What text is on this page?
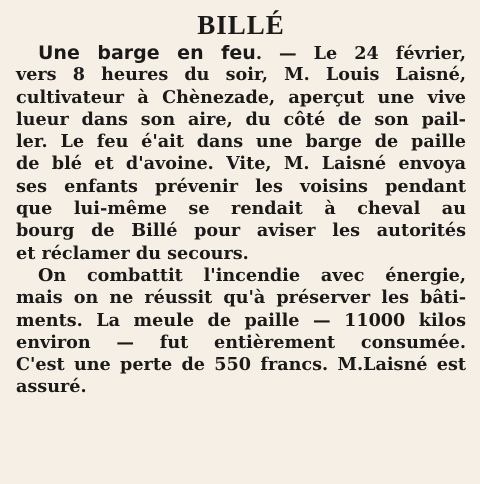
BILLÉ
Une barge en feu. — Le 24 février,
vers 8 heures du soir, M. Louis Laisné,
cultivateur à Chènezade, aperçut une vive
lueur dans son aire, du côté de son pail-
ler. Le feu é'ait dans une barge de paille
de blé et d'avoine. Vite, M. Laisné envoya
ses enfants prévenir les voisins pendant
que lui-même se rendait à cheval au
bourg de Billé pour aviser les autorités
et réclamer du secours.
On combattit l'incendie avec énergie,
mais on ne réussit qu'à préserver les bâti-
ments. La meule de paille — 11000 kilos
environ — fut entièrement consumée.
C'est une perte de 550 francs. M.Laisné est
assuré.
